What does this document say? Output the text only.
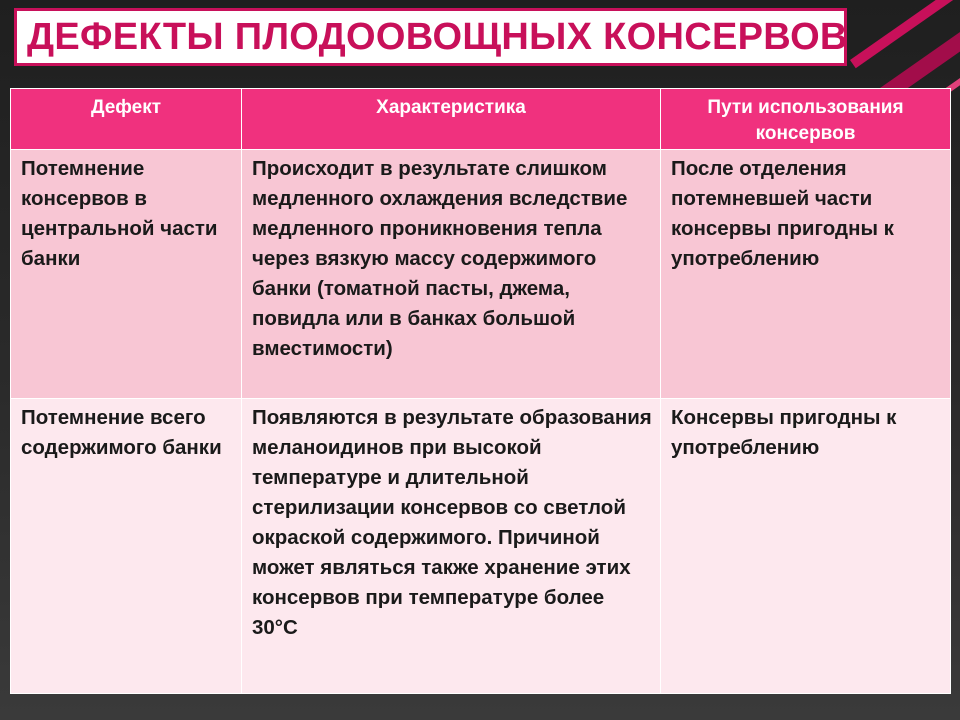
ДЕФЕКТЫ ПЛОДООВОЩНЫХ КОНСЕРВОВ
Дефект	Характеристика	Пути использования консервов
Потемнение консервов в центральной части банки	Происходит в результате слишком медленного охлаждения вследствие медленного проникновения тепла через вязкую массу содержимого банки (томатной пасты, джема, повидла или в банках большой вместимости)	После отделения потемневшей части консервы пригодны к употреблению
Потемнение всего содержимого банки	Появляются в результате образования меланоидинов при высокой температуре и длительной стерилизации консервов со светлой окраской содержимого. Причиной может являться также хранение этих консервов при температуре более 30°С	Консервы пригодны к употреблению
